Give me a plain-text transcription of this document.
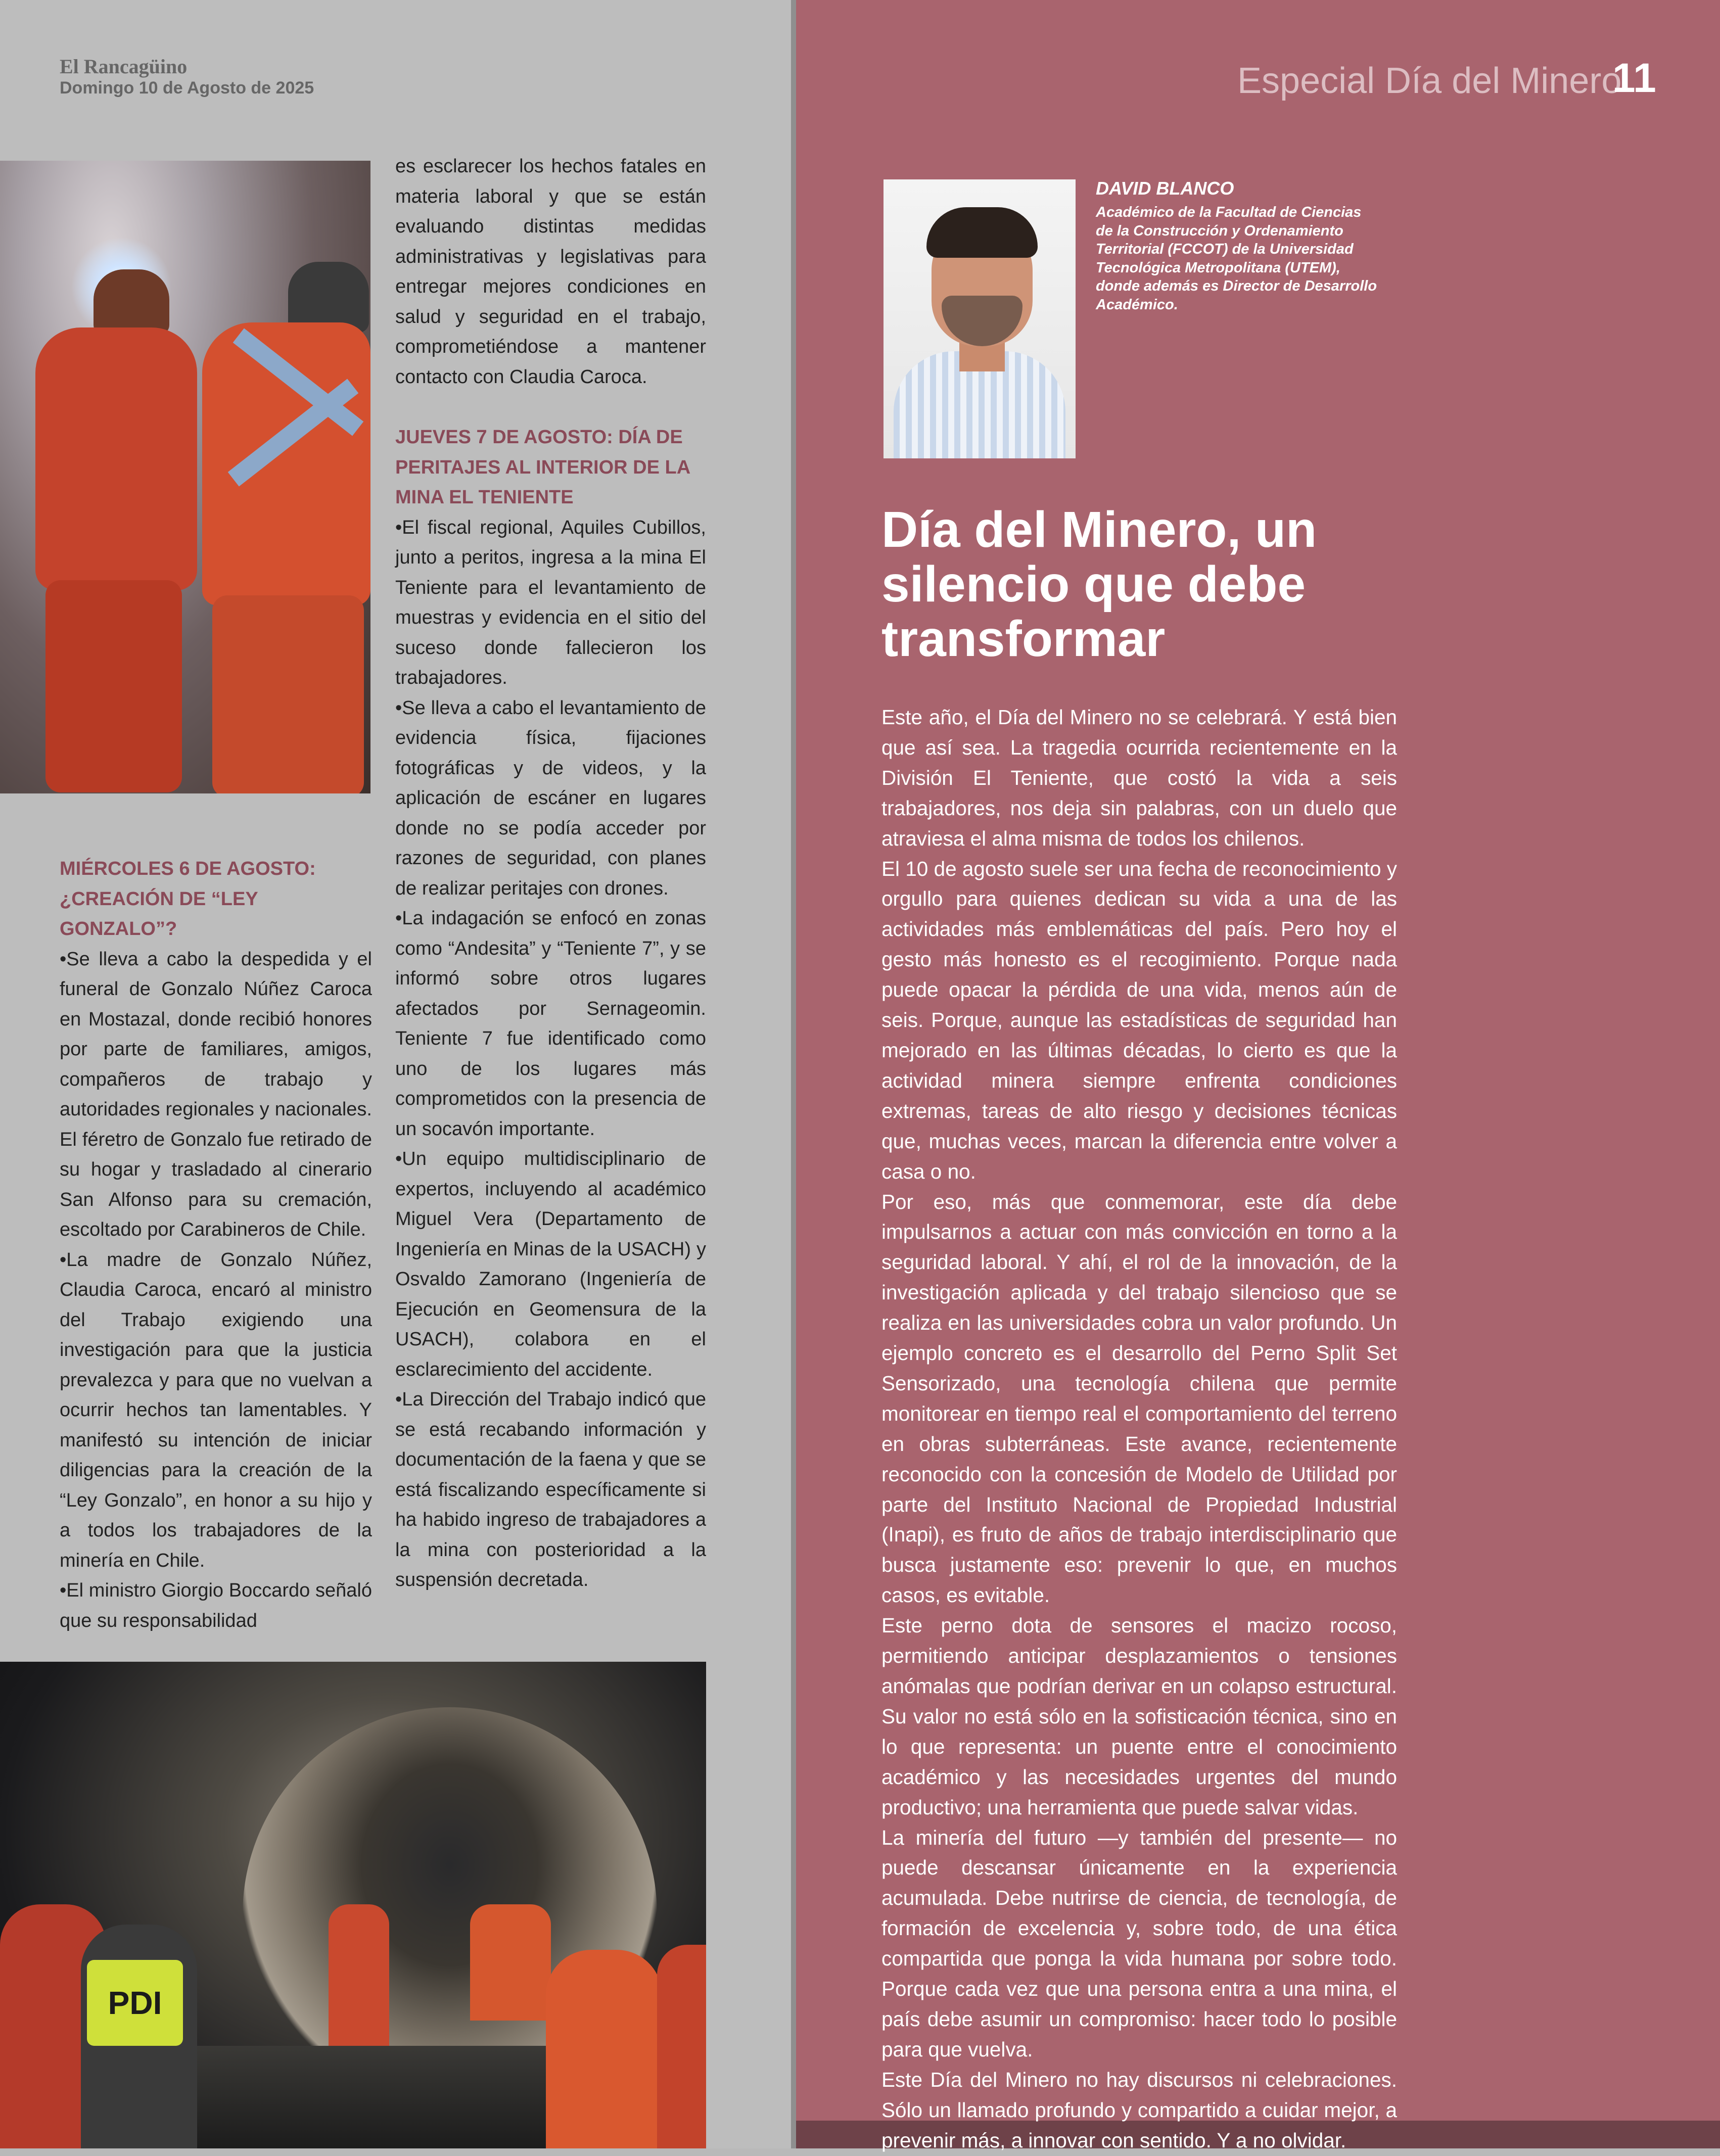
El Rancagüino
Domingo 10 de Agosto de 2025

es esclarecer los hechos fatales en materia laboral y que se están evaluando distintas medidas administrativas y legislativas para entregar mejores condiciones en salud y seguridad en el trabajo, comprometiéndose a mantener contacto con Claudia Caroca.

JUEVES 7 DE AGOSTO: DÍA DE PERITAJES AL INTERIOR DE LA MINA EL TENIENTE

•El fiscal regional, Aquiles Cubillos, junto a peritos, ingresa a la mina El Teniente para el levantamiento de muestras y evidencia en el sitio del suceso donde fallecieron los trabajadores.

•Se lleva a cabo el levantamiento de evidencia física, fijaciones fotográficas y de videos, y la aplicación de escáner en lugares donde no se podía acceder por razones de seguridad, con planes de realizar peritajes con drones.

•La indagación se enfocó en zonas como “Andesita” y “Teniente 7”, y se informó sobre otros lugares afectados por Sernageomin. Teniente 7 fue identificado como uno de los lugares más comprometidos con la presencia de un socavón importante.

•Un equipo multidisciplinario de expertos, incluyendo al académico Miguel Vera (Departamento de Ingeniería en Minas de la USACH) y Osvaldo Zamorano (Ingeniería de Ejecución en Geomensura de la USACH), colabora en el esclarecimiento del accidente.

•La Dirección del Trabajo indicó que se está recabando información y documentación de la faena y que se está fiscalizando específicamente si ha habido ingreso de trabajadores a la mina con posterioridad a la suspensión decretada.

MIÉRCOLES 6 DE AGOSTO: ¿CREACIÓN DE “LEY GONZALO”?

•Se lleva a cabo la despedida y el funeral de Gonzalo Núñez Caroca en Mostazal, donde recibió honores por parte de familiares, amigos, compañeros de trabajo y autoridades regionales y nacionales. El féretro de Gonzalo fue retirado de su hogar y trasladado al cinerario San Alfonso para su cremación, escoltado por Carabineros de Chile.

•La madre de Gonzalo Núñez, Claudia Caroca, encaró al ministro del Trabajo exigiendo una investigación para que la justicia prevalezca y para que no vuelvan a ocurrir hechos tan lamentables. Y manifestó su intención de iniciar diligencias para la creación de la “Ley Gonzalo”, en honor a su hijo y a todos los trabajadores de la minería en Chile.

•El ministro Giorgio Boccardo señaló que su responsabilidad

PDI
Especial Día del Minero
11
DAVID BLANCO
Académico de la Facultad de Ciencias de la Construcción y Ordenamiento Territorial (FCCOT) de la Universidad Tecnológica Metropolitana (UTEM), donde además es Director de Desarrollo Académico.
Día del Minero, un silencio que debe transformar

Este año, el Día del Minero no se celebrará. Y está bien que así sea. La tragedia ocurrida recientemente en la División El Teniente, que costó la vida a seis trabajadores, nos deja sin palabras, con un duelo que atraviesa el alma misma de todos los chilenos.

El 10 de agosto suele ser una fecha de reconocimiento y orgullo para quienes dedican su vida a una de las actividades más emblemáticas del país. Pero hoy el gesto más honesto es el recogimiento. Porque nada puede opacar la pérdida de una vida, menos aún de seis. Porque, aunque las estadísticas de seguridad han mejorado en las últimas décadas, lo cierto es que la actividad minera siempre enfrenta condiciones extremas, tareas de alto riesgo y decisiones técnicas que, muchas veces, marcan la diferencia entre volver a casa o no.

Por eso, más que conmemorar, este día debe impulsarnos a actuar con más convicción en torno a la seguridad laboral. Y ahí, el rol de la innovación, de la investigación aplicada y del trabajo silencioso que se realiza en las universidades cobra un valor profundo. Un ejemplo concreto es el desarrollo del Perno Split Set Sensorizado, una tecnología chilena que permite monitorear en tiempo real el comportamiento del terreno en obras subterráneas. Este avance, recientemente reconocido con la concesión de Modelo de Utilidad por parte del Instituto Nacional de Propiedad Industrial (Inapi), es fruto de años de trabajo interdisciplinario que busca justamente eso: prevenir lo que, en muchos casos, es evitable.

Este perno dota de sensores el macizo rocoso, permitiendo anticipar desplazamientos o tensiones anómalas que podrían derivar en un colapso estructural. Su valor no está sólo en la sofisticación técnica, sino en lo que representa: un puente entre el conocimiento académico y las necesidades urgentes del mundo productivo; una herramienta que puede salvar vidas.

La minería del futuro —y también del presente— no puede descansar únicamente en la experiencia acumulada. Debe nutrirse de ciencia, de tecnología, de formación de excelencia y, sobre todo, de una ética compartida que ponga la vida humana por sobre todo. Porque cada vez que una persona entra a una mina, el país debe asumir un compromiso: hacer todo lo posible para que vuelva.

Este Día del Minero no hay discursos ni celebraciones. Sólo un llamado profundo y compartido a cuidar mejor, a prevenir más, a innovar con sentido. Y a no olvidar.
